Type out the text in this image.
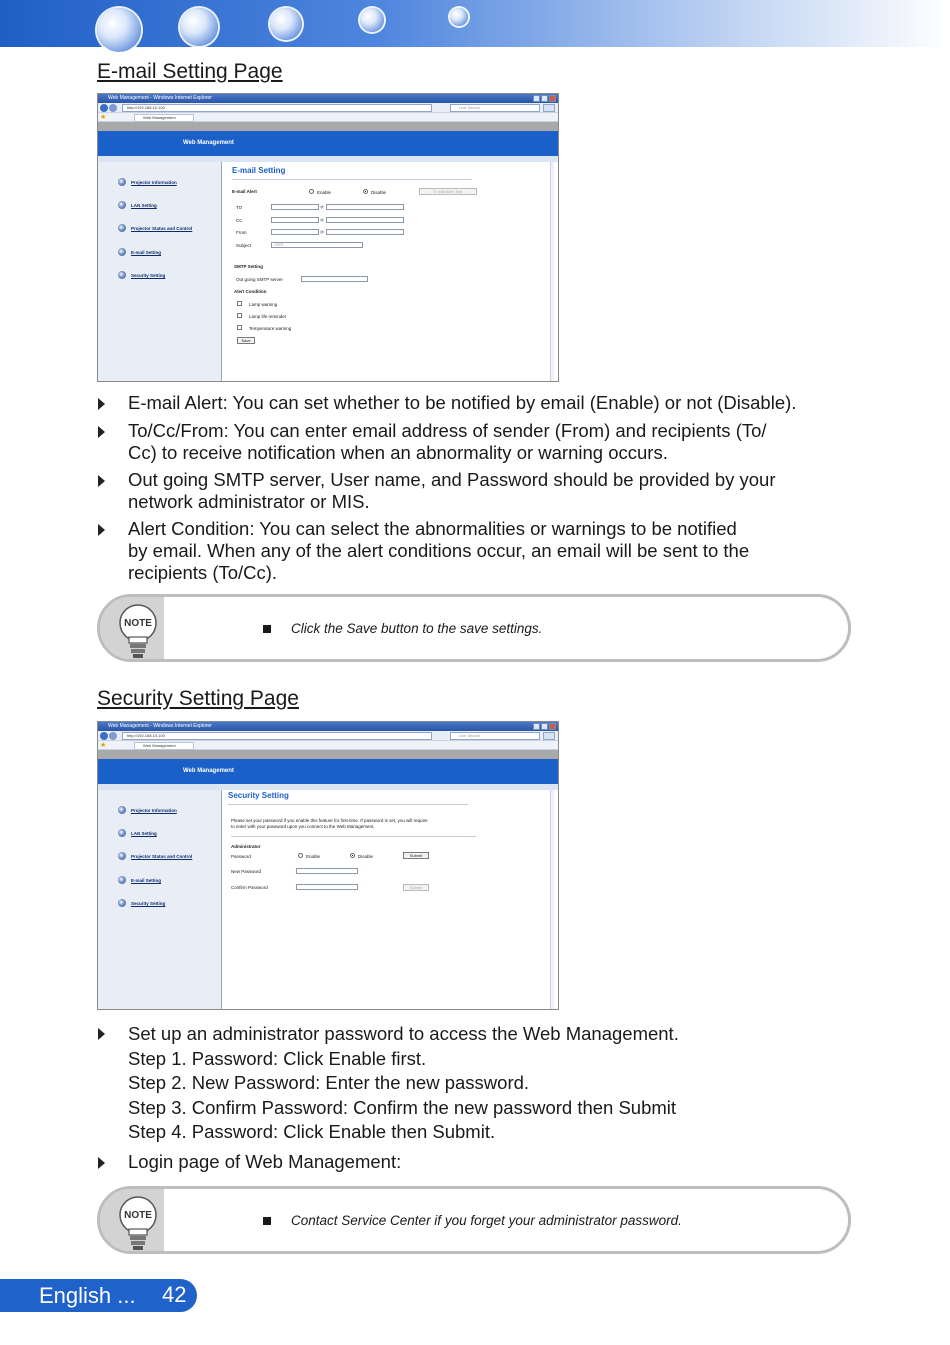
E-mail Setting Page
Web Management - Windows Internet Explorer
http://192.168.10.100	Live Search
★	Web Management
Web Management
Projector Information
LAN Setting
Projector Status and Control
E-mail Setting
Security Setting
E-mail Setting
E-mail Alert	Enable	Disable	E-mail Alert Test
TO	@
CC	@
From	@
Subject	Alert
SMTP Setting
Out going SMTP server
Alert Condition
Lamp warning
Lamp life reminder
Temperature warning
Save
E-mail Alert: You can set whether to be notified by email (Enable) or not (Disable).
To/Cc/From: You can enter email address of sender (From) and recipients (To/
Cc) to receive notification when an abnormality or warning occurs.
Out going SMTP server, User name, and Password should be provided by your
network administrator or MIS.
Alert Condition: You can select the abnormalities or warnings to be notified
by email. When any of the alert conditions occur, an email will be sent to the
recipients (To/Cc).
NOTE	Click the Save button to the save settings.
Security Setting Page
Web Management - Windows Internet Explorer
http://192.168.10.100	Live Search
★	Web Management
Web Management
Projector Information
LAN Setting
Projector Status and Control
E-mail Setting
Security Setting
Security Setting
Please set your password if you enable this feature for first-time. If password is set, you will require
to enter with your password upon you connect to the Web Management.
Administrator
Password	Enable	Disable	Submit
New Password
Confirm Password	Submit
Set up an administrator password to access the Web Management.
Step 1. Password: Click Enable first.
Step 2. New Password: Enter the new password.
Step 3. Confirm Password: Confirm the new password then Submit
Step 4. Password: Click Enable then Submit.
Login page of Web Management:
NOTE	Contact Service Center if you forget your administrator password.
English ... 42
